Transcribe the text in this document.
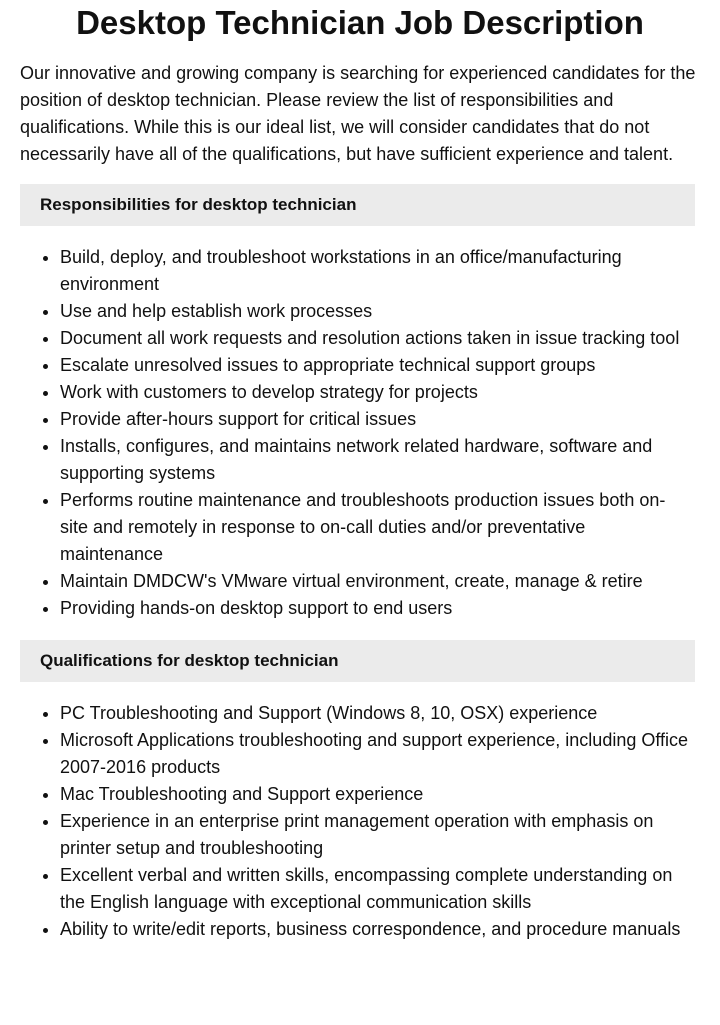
Desktop Technician Job Description

Our innovative and growing company is searching for experienced candidates for the position of desktop technician. Please review the list of responsibilities and qualifications. While this is our ideal list, we will consider candidates that do not necessarily have all of the qualifications, but have sufficient experience and talent.

Responsibilities for desktop technician
• Build, deploy, and troubleshoot workstations in an office/manufacturing environment
• Use and help establish work processes
• Document all work requests and resolution actions taken in issue tracking tool
• Escalate unresolved issues to appropriate technical support groups
• Work with customers to develop strategy for projects
• Provide after-hours support for critical issues
• Installs, configures, and maintains network related hardware, software and supporting systems
• Performs routine maintenance and troubleshoots production issues both on-site and remotely in response to on-call duties and/or preventative maintenance
• Maintain DMDCW's VMware virtual environment, create, manage & retire
• Providing hands-on desktop support to end users
Qualifications for desktop technician
• PC Troubleshooting and Support (Windows 8, 10, OSX) experience
• Microsoft Applications troubleshooting and support experience, including Office 2007-2016 products
• Mac Troubleshooting and Support experience
• Experience in an enterprise print management operation with emphasis on printer setup and troubleshooting
• Excellent verbal and written skills, encompassing complete understanding on the English language with exceptional communication skills
• Ability to write/edit reports, business correspondence, and procedure manuals
